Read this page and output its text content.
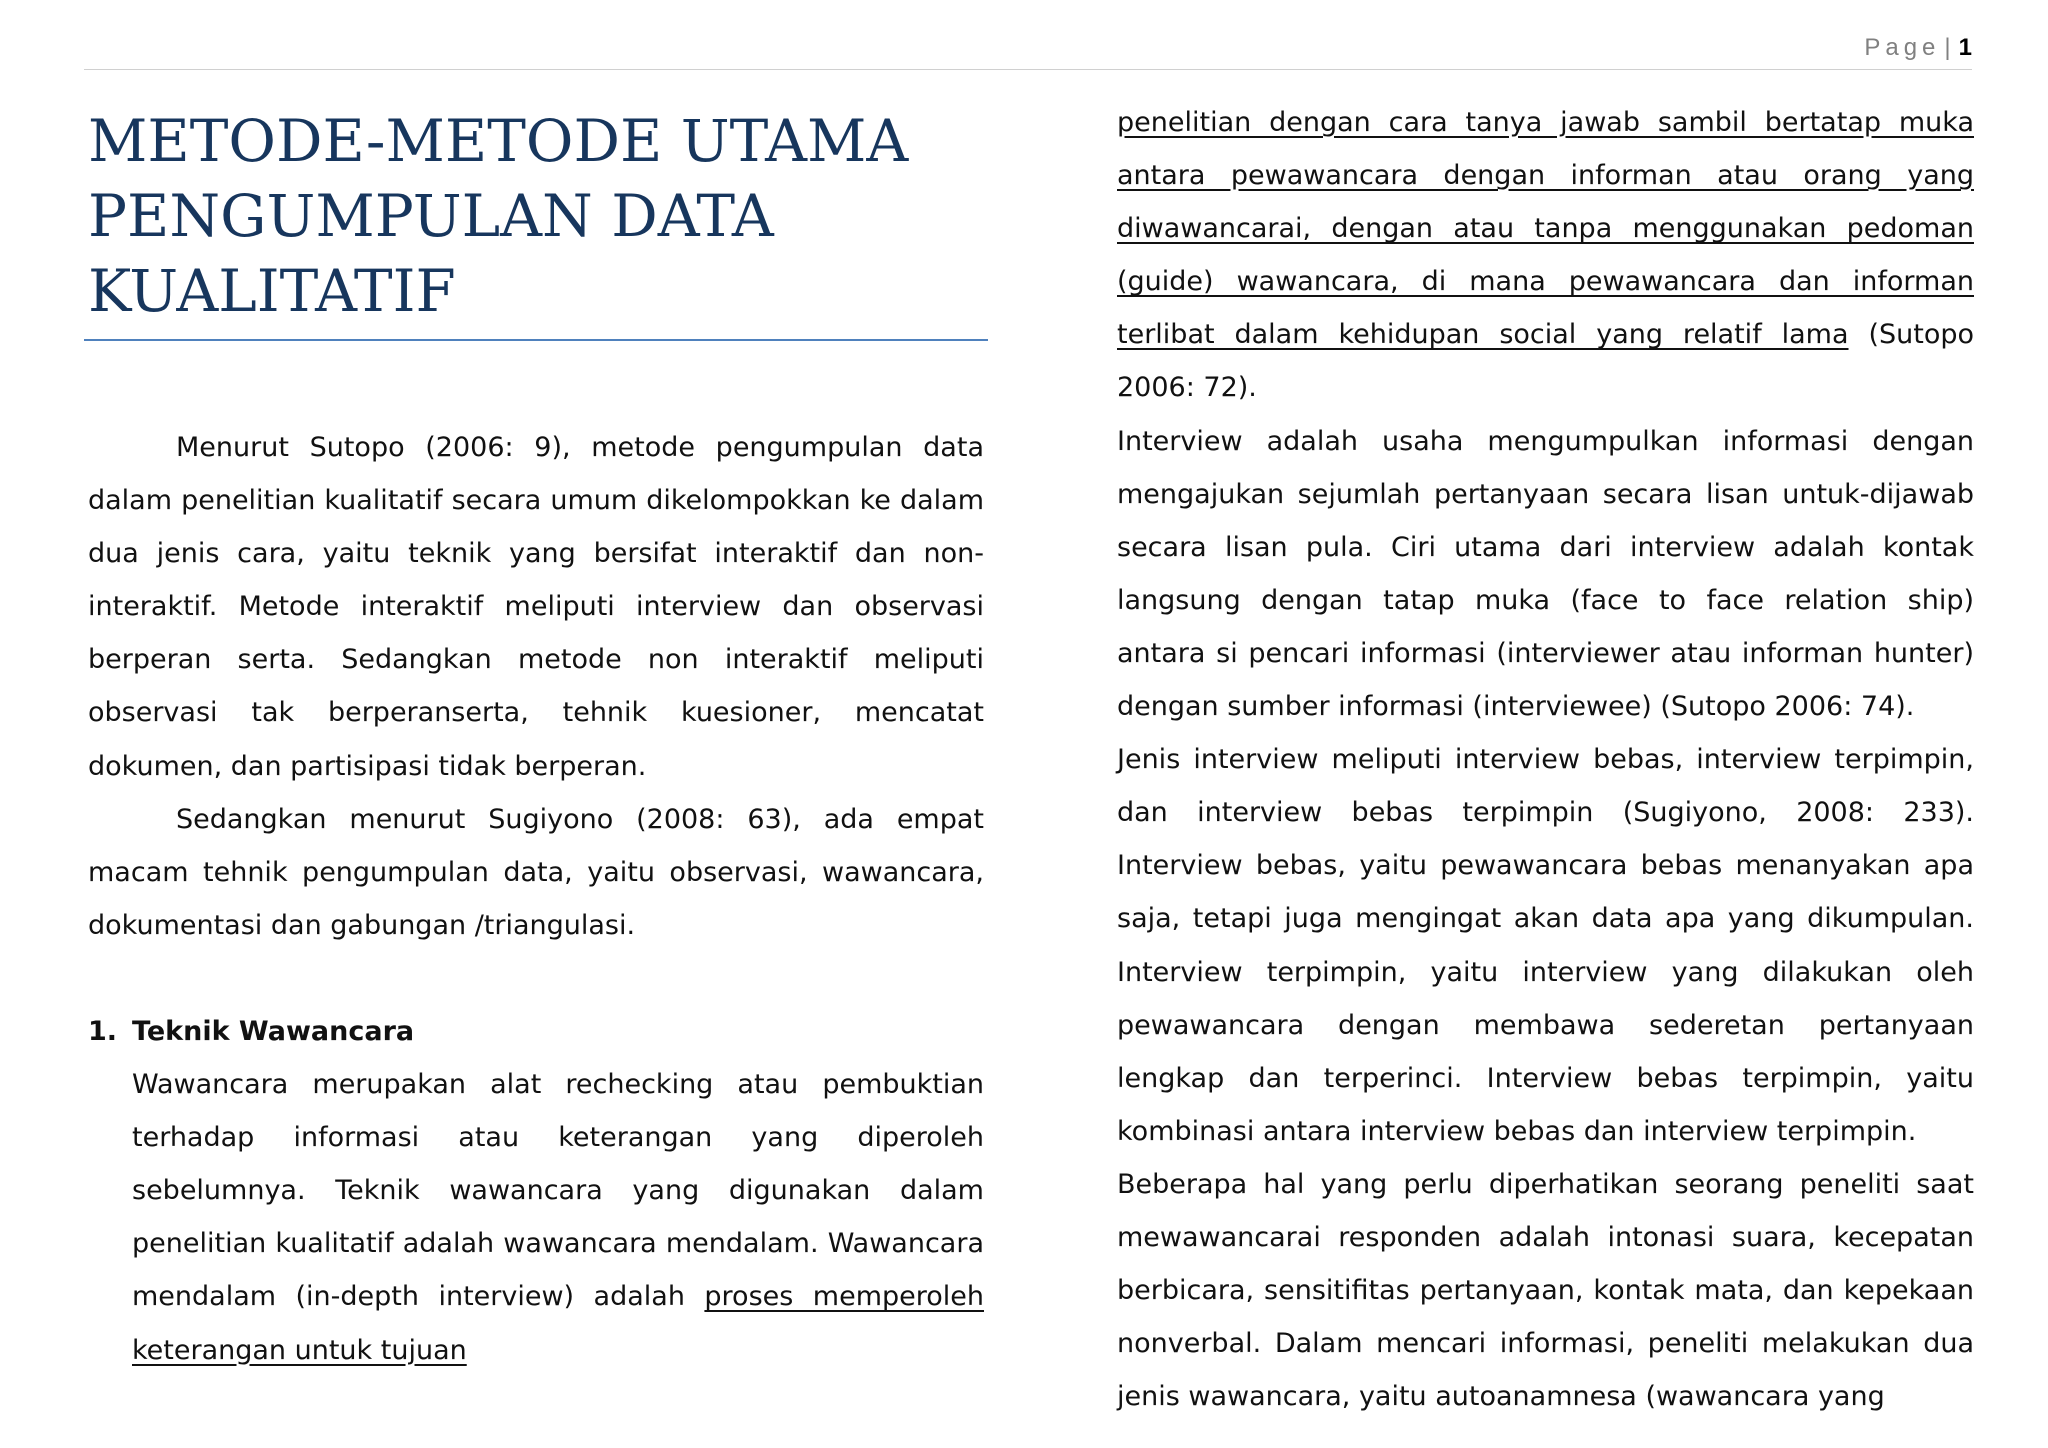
Page | 1
METODE-METODE UTAMA
PENGUMPULAN DATA
KUALITATIF

Menurut Sutopo (2006: 9), metode pengumpulan data dalam penelitian kualitatif secara umum dikelompokkan ke dalam dua jenis cara, yaitu teknik yang bersifat interaktif dan non-interaktif. Metode interaktif meliputi interview dan observasi berperan serta. Sedangkan metode non interaktif meliputi observasi tak berperanserta, tehnik kuesioner, mencatat dokumen, dan partisipasi tidak berperan.

Sedangkan menurut Sugiyono (2008: 63), ada empat macam tehnik pengumpulan data, yaitu observasi, wawancara, dokumentasi dan gabungan /triangulasi.

1. Teknik Wawancara

Wawancara merupakan alat rechecking atau pembuktian terhadap informasi atau keterangan yang diperoleh sebelumnya. Teknik wawancara yang digunakan dalam penelitian kualitatif adalah wawancara mendalam. Wawancara mendalam (in-depth interview) adalah proses memperoleh keterangan untuk tujuan

penelitian dengan cara tanya jawab sambil bertatap muka antara pewawancara dengan informan atau orang yang diwawancarai, dengan atau tanpa menggunakan pedoman (guide) wawancara, di mana pewawancara dan informan terlibat dalam kehidupan social yang relatif lama (Sutopo 2006: 72).

Interview adalah usaha mengumpulkan informasi dengan mengajukan sejumlah pertanyaan secara lisan untuk-dijawab secara lisan pula. Ciri utama dari interview adalah kontak langsung dengan tatap muka (face to face relation ship) antara si pencari informasi (interviewer atau informan hunter) dengan sumber informasi (interviewee) (Sutopo 2006: 74).

Jenis interview meliputi interview bebas, interview terpimpin, dan interview bebas terpimpin (Sugiyono, 2008: 233). Interview bebas, yaitu pewawancara bebas menanyakan apa saja, tetapi juga mengingat akan data apa yang dikumpulan. Interview terpimpin, yaitu interview yang dilakukan oleh pewawancara dengan membawa sederetan pertanyaan lengkap dan terperinci. Interview bebas terpimpin, yaitu kombinasi antara interview bebas dan interview terpimpin.

Beberapa hal yang perlu diperhatikan seorang peneliti saat mewawancarai responden adalah intonasi suara, kecepatan berbicara, sensitifitas pertanyaan, kontak mata, dan kepekaan nonverbal. Dalam mencari informasi, peneliti melakukan dua jenis wawancara, yaitu autoanamnesa (wawancara yang
